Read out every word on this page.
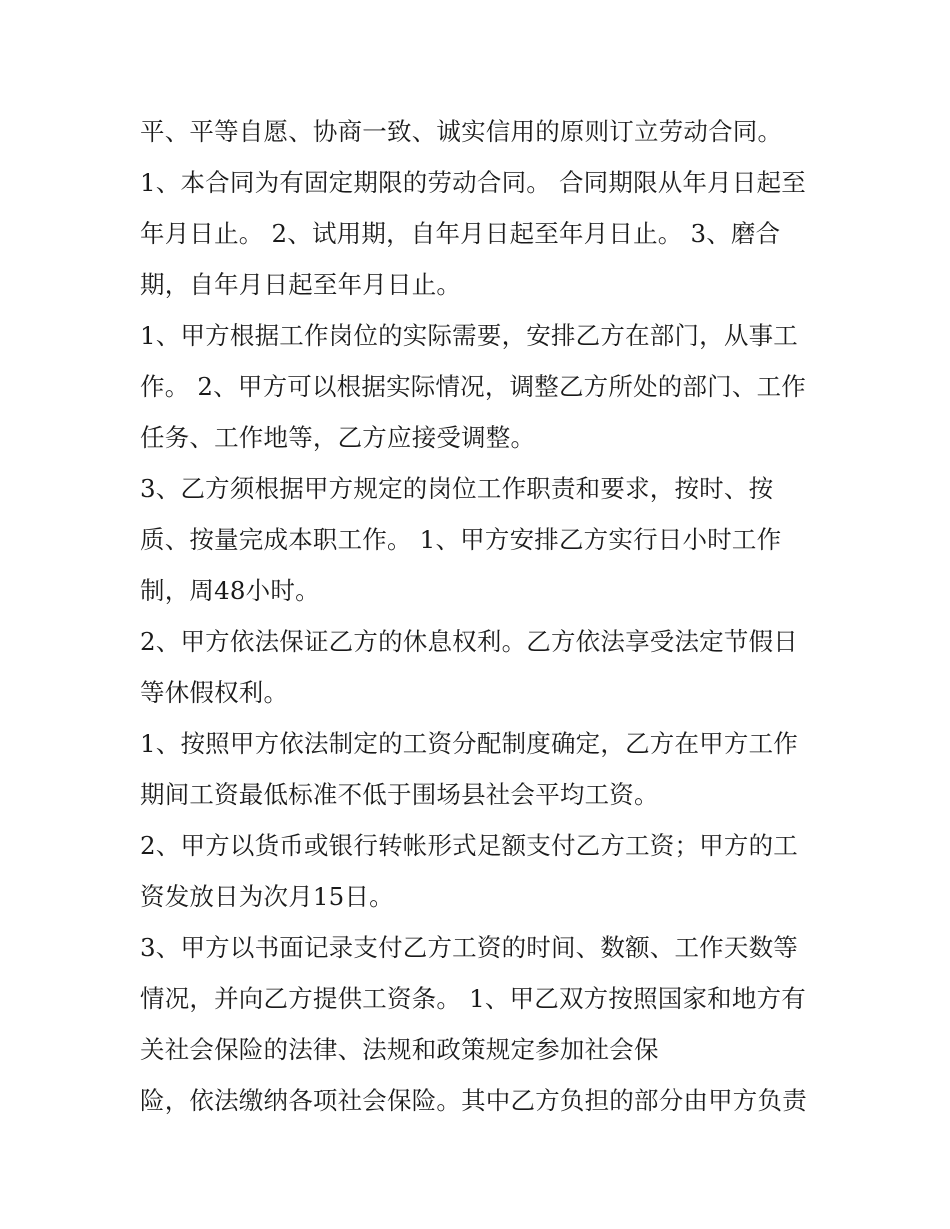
平、平等自愿、协商一致、诚实信用的原则订立劳动合同。
1、本合同为有固定期限的劳动合同。 合同期限从年月日起至
年月日止。 2、试用期，自年月日起至年月日止。 3、磨合
期，自年月日起至年月日止。
1、甲方根据工作岗位的实际需要，安排乙方在部门，从事工
作。 2、甲方可以根据实际情况，调整乙方所处的部门、工作
任务、工作地等，乙方应接受调整。
3、乙方须根据甲方规定的岗位工作职责和要求，按时、按
质、按量完成本职工作。 1、甲方安排乙方实行日小时工作
制，周48小时。
2、甲方依法保证乙方的休息权利。乙方依法享受法定节假日
等休假权利。
1、按照甲方依法制定的工资分配制度确定，乙方在甲方工作
期间工资最低标准不低于围场县社会平均工资。
2、甲方以货币或银行转帐形式足额支付乙方工资；甲方的工
资发放日为次月15日。
3、甲方以书面记录支付乙方工资的时间、数额、工作天数等
情况，并向乙方提供工资条。 1、甲乙双方按照国家和地方有
关社会保险的法律、法规和政策规定参加社会保
险，依法缴纳各项社会保险。其中乙方负担的部分由甲方负责
